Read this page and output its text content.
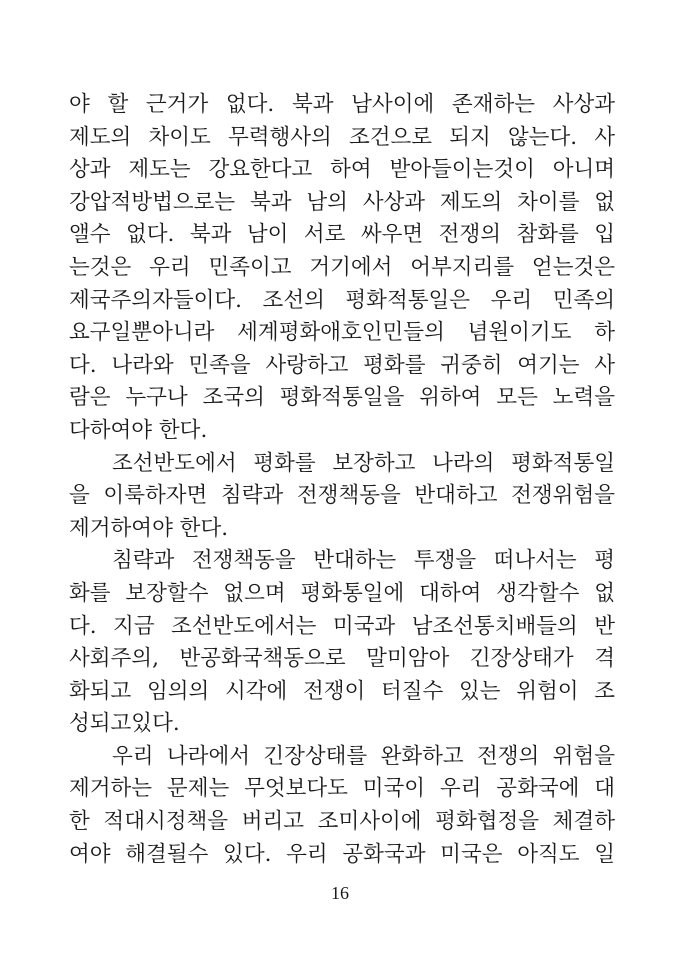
야 할 근거가 없다. 북과 남사이에 존재하는 사상과
제도의 차이도 무력행사의 조건으로 되지 않는다. 사
상과 제도는 강요한다고 하여 받아들이는것이 아니며
강압적방법으로는 북과 남의 사상과 제도의 차이를 없
앨수 없다. 북과 남이 서로 싸우면 전쟁의 참화를 입
는것은 우리 민족이고 거기에서 어부지리를 얻는것은
제국주의자들이다. 조선의 평화적통일은 우리 민족의
요구일뿐아니라 세계평화애호인민들의 념원이기도 하
다. 나라와 민족을 사랑하고 평화를 귀중히 여기는 사
람은 누구나 조국의 평화적통일을 위하여 모든 노력을
다하여야 한다.
조선반도에서 평화를 보장하고 나라의 평화적통일
을 이룩하자면 침략과 전쟁책동을 반대하고 전쟁위험을
제거하여야 한다.
침략과 전쟁책동을 반대하는 투쟁을 떠나서는 평
화를 보장할수 없으며 평화통일에 대하여 생각할수 없
다. 지금 조선반도에서는 미국과 남조선통치배들의 반
사회주의, 반공화국책동으로 말미암아 긴장상태가 격
화되고 임의의 시각에 전쟁이 터질수 있는 위험이 조
성되고있다.
우리 나라에서 긴장상태를 완화하고 전쟁의 위험을
제거하는 문제는 무엇보다도 미국이 우리 공화국에 대
한 적대시정책을 버리고 조미사이에 평화협정을 체결하
여야 해결될수 있다. 우리 공화국과 미국은 아직도 일
16
